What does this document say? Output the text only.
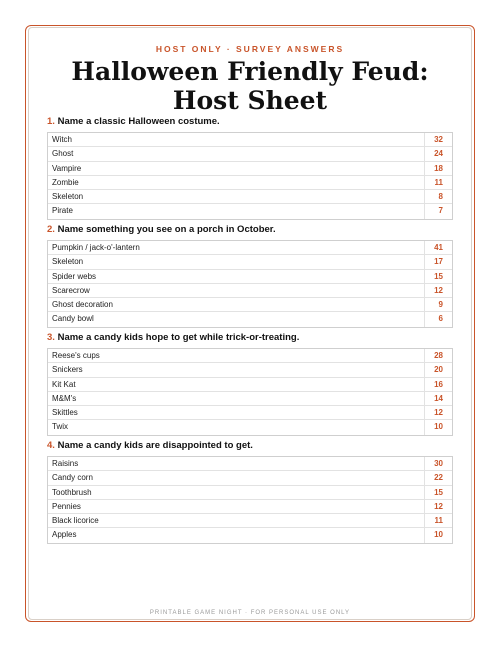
HOST ONLY · SURVEY ANSWERS
Halloween Friendly Feud: Host Sheet
1. Name a classic Halloween costume.
Witch	32
Ghost	24
Vampire	18
Zombie	11
Skeleton	8
Pirate	7
2. Name something you see on a porch in October.
Pumpkin / jack-o'-lantern	41
Skeleton	17
Spider webs	15
Scarecrow	12
Ghost decoration	9
Candy bowl	6
3. Name a candy kids hope to get while trick-or-treating.
Reese's cups	28
Snickers	20
Kit Kat	16
M&M's	14
Skittles	12
Twix	10
4. Name a candy kids are disappointed to get.
Raisins	30
Candy corn	22
Toothbrush	15
Pennies	12
Black licorice	11
Apples	10
PRINTABLE GAME NIGHT · FOR PERSONAL USE ONLY
